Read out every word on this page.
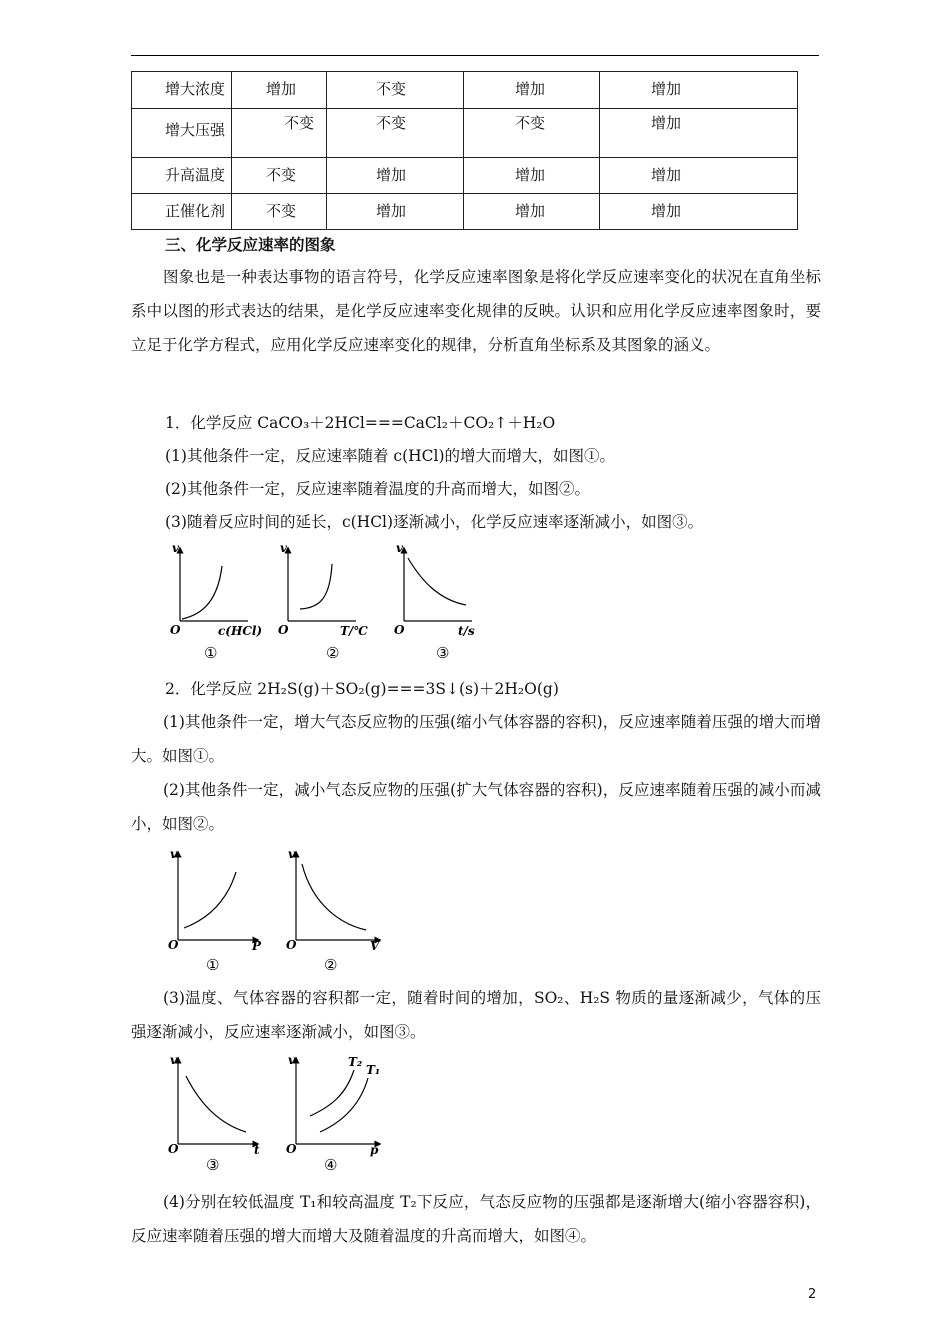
增大浓度	增加	不变	增加	增加

增大压强	不变	不变	不变	增加

升高温度	不变	增加	增加	增加

正催化剂	不变	增加	增加	增加
三、化学反应速率的图象
图象也是一种表达事物的语言符号，化学反应速率图象是将化学反应速率变化的状况在直角坐标系中以图的形式表达的结果，是化学反应速率变化规律的反映。认识和应用化学反应速率图象时，要立足于化学方程式，应用化学反应速率变化的规律，分析直角坐标系及其图象的涵义。
1．化学反应 CaCO₃＋2HCl===CaCl₂＋CO₂↑＋H₂O
(1)其他条件一定，反应速率随着 c(HCl)的增大而增大，如图①。
(2)其他条件一定，反应速率随着温度的升高而增大，如图②。
(3)随着反应时间的延长，c(HCl)逐渐减小，化学反应速率逐渐减小，如图③。
v
O	c(HCl)
①
v
O	T/℃
②
v
O	t/s
③
2．化学反应 2H₂S(g)＋SO₂(g)===3S↓(s)＋2H₂O(g)
(1)其他条件一定，增大气态反应物的压强(缩小气体容器的容积)，反应速率随着压强的增大而增大。如图①。
(2)其他条件一定，减小气态反应物的压强(扩大气体容器的容积)，反应速率随着压强的减小而减小，如图②。
v
O	P
①
v
O	V
②
(3)温度、气体容器的容积都一定，随着时间的增加，SO₂、H₂S 物质的量逐渐减少，气体的压强逐渐减小，反应速率逐渐减小，如图③。
v
O	t
③
v
O	p
T₂
T₁
④
(4)分别在较低温度 T₁和较高温度 T₂下反应，气态反应物的压强都是逐渐增大(缩小容器容积)，反应速率随着压强的增大而增大及随着温度的升高而增大，如图④。
2
